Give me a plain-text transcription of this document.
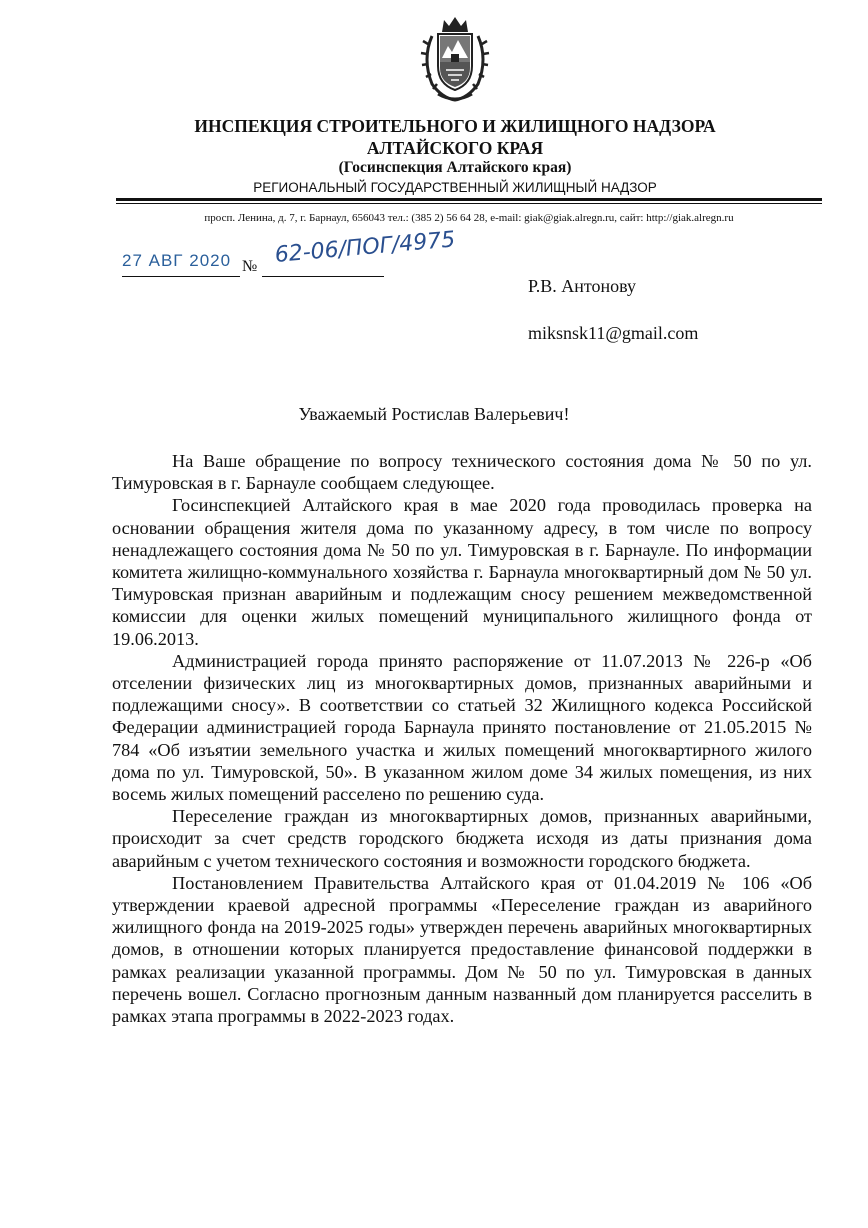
ИНСПЕКЦИЯ СТРОИТЕЛЬНОГО И ЖИЛИЩНОГО НАДЗОРА
АЛТАЙСКОГО КРАЯ
(Госинспекция Алтайского края)
РЕГИОНАЛЬНЫЙ ГОСУДАРСТВЕННЫЙ ЖИЛИЩНЫЙ НАДЗОР
просп. Ленина, д. 7, г. Барнаул, 656043 тел.: (385 2) 56 64 28, e-mail: giak@giak.alregn.ru, сайт: http://giak.alregn.ru
27 АВГ 2020 № 62-06/ПОГ/4975
Р.В. Антонову
miksnsk11@gmail.com
Уважаемый Ростислав Валерьевич!

На Ваше обращение по вопросу технического состояния дома № 50 по ул. Тимуровская в г. Барнауле сообщаем следующее.

Госинспекцией Алтайского края в мае 2020 года проводилась проверка на основании обращения жителя дома по указанному адресу, в том числе по вопросу ненадлежащего состояния дома № 50 по ул. Тимуровская в г. Барнауле. По информации комитета жилищно-коммунального хозяйства г. Барнаула многоквартирный дом № 50 ул. Тимуровская признан аварийным и подлежащим сносу решением межведомственной комиссии для оценки жилых помещений муниципального жилищного фонда от 19.06.2013.

Администрацией города принято распоряжение от 11.07.2013 № 226-р «Об отселении физических лиц из многоквартирных домов, признанных аварийными и подлежащими сносу». В соответствии со статьей 32 Жилищного кодекса Российской Федерации администрацией города Барнаула принято постановление от 21.05.2015 № 784 «Об изъятии земельного участка и жилых помещений многоквартирного жилого дома по ул. Тимуровской, 50». В указанном жилом доме 34 жилых помещения, из них восемь жилых помещений расселено по решению суда.

Переселение граждан из многоквартирных домов, признанных аварийными, происходит за счет средств городского бюджета исходя из даты признания дома аварийным с учетом технического состояния и возможности городского бюджета.

Постановлением Правительства Алтайского края от 01.04.2019 № 106 «Об утверждении краевой адресной программы «Переселение граждан из аварийного жилищного фонда на 2019-2025 годы» утвержден перечень аварийных многоквартирных домов, в отношении которых планируется предоставление финансовой поддержки в рамках реализации указанной программы. Дом № 50 по ул. Тимуровская в данных перечень вошел. Согласно прогнозным данным названный дом планируется расселить в рамках этапа программы в 2022-2023 годах.
